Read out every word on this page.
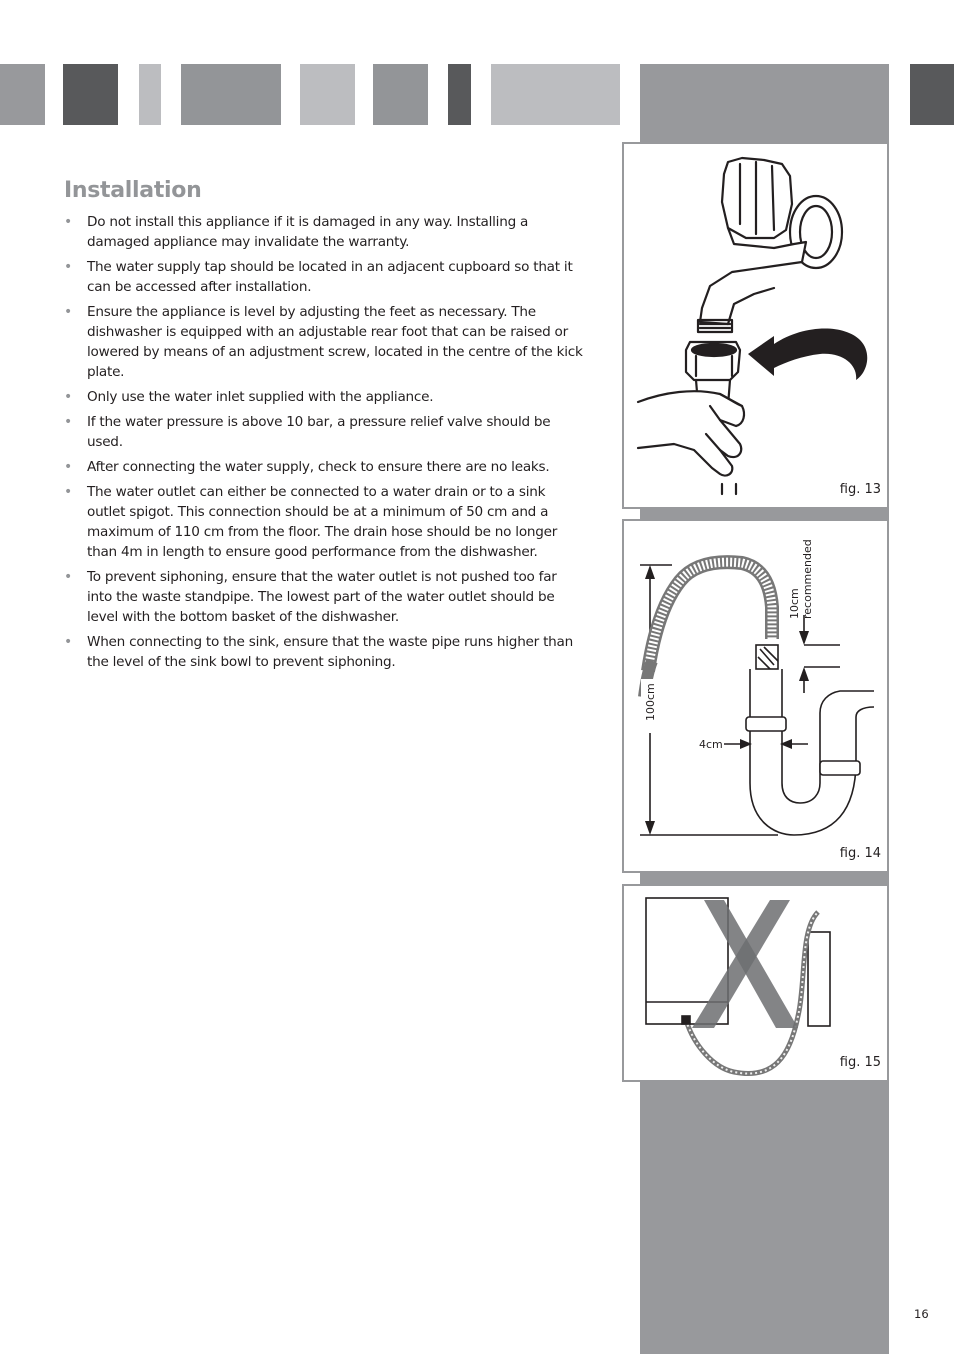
Installation
• Do not install this appliance if it is damaged in any way. Installing a damaged appliance may invalidate the warranty.
• The water supply tap should be located in an adjacent cupboard so that it can be accessed after installation.
• Ensure the appliance is level by adjusting the feet as necessary. The dishwasher is equipped with an adjustable rear foot that can be raised or lowered by means of an adjustment screw, located in the centre of the kick plate.
• Only use the water inlet supplied with the appliance.
• If the water pressure is above 10 bar, a pressure relief valve should be used.
• After connecting the water supply, check to ensure there are no leaks.
• The water outlet can either be connected to a water drain or to a sink outlet spigot. This connection should be at a minimum of 50 cm and a maximum of 110 cm from the floor. The drain hose should be no longer than 4m in length to ensure good performance from the dishwasher.
• To prevent siphoning, ensure that the water outlet is not pushed too far into the waste standpipe. The lowest part of the water outlet should be level with the bottom basket of the dishwasher.
• When connecting to the sink, ensure that the waste pipe runs higher than the level of the sink bowl to prevent siphoning.

fig. 13

100cm
10cm recommended
4cm

fig. 14

fig. 15

16
